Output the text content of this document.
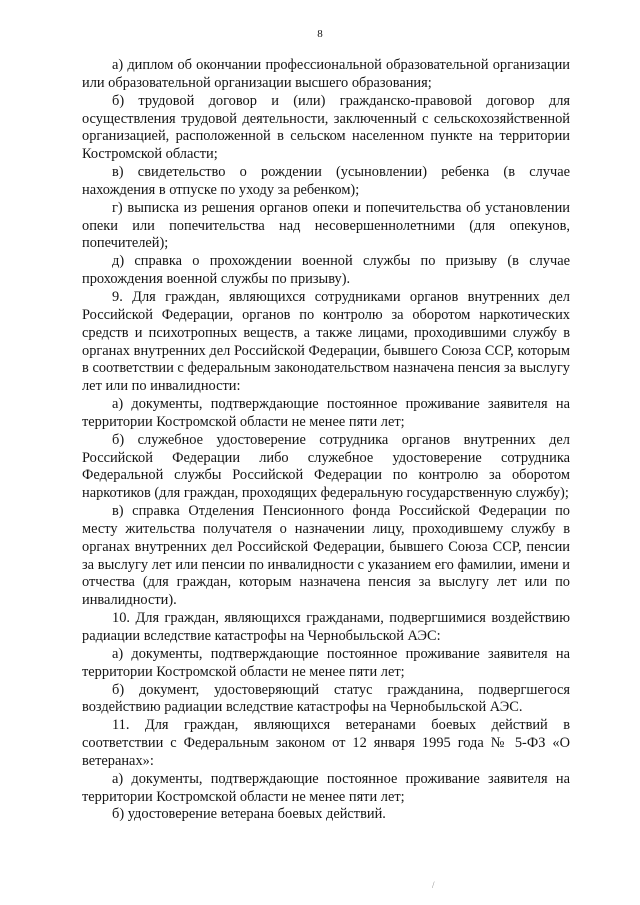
8

а) диплом об окончании профессиональной образовательной организации или образовательной организации высшего образования;

б) трудовой договор и (или) гражданско-правовой договор для осуществления трудовой деятельности, заключенный с сельскохозяйственной организацией, расположенной в сельском населенном пункте на территории Костромской области;

в) свидетельство о рождении (усыновлении) ребенка (в случае нахождения в отпуске по уходу за ребенком);

г) выписка из решения органов опеки и попечительства об установлении опеки или попечительства над несовершеннолетними (для опекунов, попечителей);

д) справка о прохождении военной службы по призыву (в случае прохождения военной службы по призыву).

9. Для граждан, являющихся сотрудниками органов внутренних дел Российской Федерации, органов по контролю за оборотом наркотических средств и психотропных веществ, а также лицами, проходившими службу в органах внутренних дел Российской Федерации, бывшего Союза ССР, которым в соответствии с федеральным законодательством назначена пенсия за выслугу лет или по инвалидности:

а) документы, подтверждающие постоянное проживание заявителя на территории Костромской области не менее пяти лет;

б) служебное удостоверение сотрудника органов внутренних дел Российской Федерации либо служебное удостоверение сотрудника Федеральной службы Российской Федерации по контролю за оборотом наркотиков (для граждан, проходящих федеральную государственную службу);

в) справка Отделения Пенсионного фонда Российской Федерации по месту жительства получателя о назначении лицу, проходившему службу в органах внутренних дел Российской Федерации, бывшего Союза ССР, пенсии за выслугу лет или пенсии по инвалидности с указанием его фамилии, имени и отчества (для граждан, которым назначена пенсия за выслугу лет или по инвалидности).

10. Для граждан, являющихся гражданами, подвергшимися воздействию радиации вследствие катастрофы на Чернобыльской АЭС:

а) документы, подтверждающие постоянное проживание заявителя на территории Костромской области не менее пяти лет;

б) документ, удостоверяющий статус гражданина, подвергшегося воздействию радиации вследствие катастрофы на Чернобыльской АЭС.

11. Для граждан, являющихся ветеранами боевых действий в соответствии с Федеральным законом от 12 января 1995 года № 5-ФЗ «О ветеранах»:

а) документы, подтверждающие постоянное проживание заявителя на территории Костромской области не менее пяти лет;

б) удостоверение ветерана боевых действий.

/
